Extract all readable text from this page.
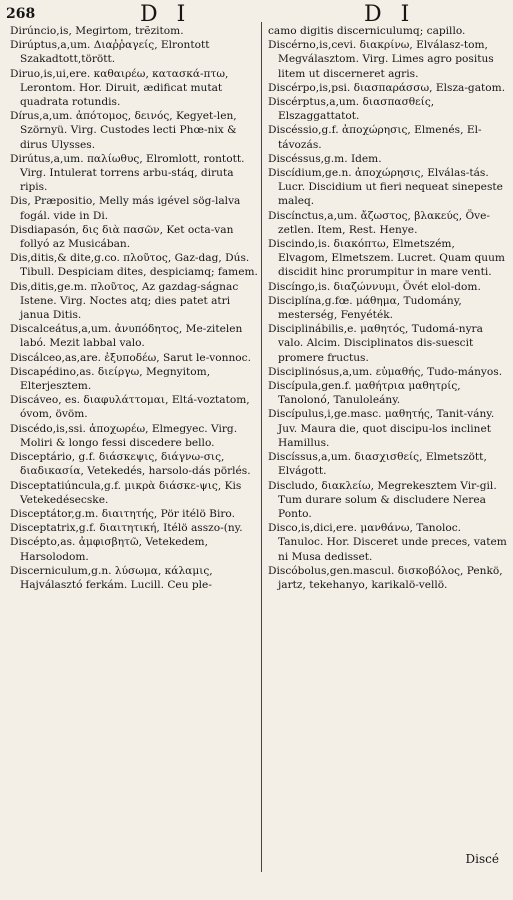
268	D I	D I

Dirúncio,is, Megirtom, trẽzitom.

Dirúptus,a,um. Διαῤῥαγείς, Elrontott Szakadtott,törött.

Diruo,is,ui,ere. καθαιρέω, κατασκά-πτω, Lerontom. Hor. Diruit, ædificat mutat quadrata rotundis.

Dírus,a,um. ἀπότομος, δεινός, Kegyet-len, Szörnyü. Virg. Custodes lecti Phœ-nix & dirus Ulysses.

Dirútus,a,um. παλίωθυς, Elromlott, rontott. Virg. Intulerat torrens arbu-stáq, diruta ripis.

Dis, Præpositio, Melly más igével sög-lalva fogál. vide in Di.

Disdiapasón, δις διὰ πασῶν, Ket octa-van follyó az Musicában.

Dis,ditis,& dite,g.co. πλοῦτος, Gaz-dag, Dús. Tibull. Despiciam dites, despiciamq; famem.

Dis,ditis,ge.m. πλοῦτος, Az gazdag-ságnac Istene. Virg. Noctes atq; dies patet atri janua Ditis.

Discalceátus,a,um. ἀνυπόδητος, Me-zitelen labó. Mezit labbal valo.

Discálceo,as,are. ἐξυποδέω, Sarut le-vonnoc.

Discapédino,as. διείργω, Megnyitom, Elterjesztem.

Discáveo, es. διαφυλάττομαι, Eltá-voztatom, óvom, övöm.

Discédo,is,ssi. ἀποχωρέω, Elmegyec. Virg. Moliri & longo fessi discedere bello.

Disceptário, g.f. διάσκεψις, διάγνω-σις, διαδικασία, Vetekedés, harsolo-dás pörlés.

Disceptatiúncula,g.f. μικρὰ διάσκε-ψις, Kis Vetekedésecske.

Disceptátor,g.m. διαιτητής, Pör itélö Biro.

Disceptatrix,g.f. διαιτητική, Itélö asszo-(ny.

Discépto,as. ἀμφισβητῶ, Vetekedem, Harsolodom.

Discerniculum,g.n. λύσωμα, κάλαμις, Hajválasztó ferkám. Lucill. Ceu ple-

camo digitis discerniculumq; capillo.

Discérno,is,cevi. διακρίνω, Elválasz-tom, Megválasztom. Virg. Limes agro positus litem ut discerneret agris.

Discérpo,is,psi. διασπαράσσω, Elsza-gatom.

Discérptus,a,um. διασπασθείς, Elszaggattatot.

Discéssio,g.f. ἀποχώρησις, Elmenés, El-távozás.

Discéssus,g.m. Idem.

Discídium,ge.n. ἀποχώρησις, Elválas-tás. Lucr. Discidium ut fieri nequeat sinepeste maleq.

Discínctus,a,um. ἄζωστος, βλακεύς, Öve-zetlen. Item, Rest. Henye.

Discindo,is. διακόπτω, Elmetszém, Elvagom, Elmetszem. Lucret. Quam quum discidit hinc prorumpitur in mare venti.

Discíngo,is. διαζώννυμι, Övét elol-dom.

Disciplína,g.fœ. μάθημα, Tudomány, mesterség, Fenyéték.

Disciplinábilis,e. μαθητός, Tudomá-nyra valo. Alcim. Disciplinatos dis-suescit promere fructus.

Disciplinósus,a,um. εὐμαθής, Tudo-mányos.

Discípula,gen.f. μαθήτρια μαθητρίς, Tanolonó, Tanuloleány.

Discípulus,i,ge.masc. μαθητής, Tanit-vány. Juv. Maura die, quot discipu-los inclinet Hamillus.

Discíssus,a,um. διασχισθείς, Elmetszött, Elvágott.

Discludo, διακλείω, Megrekesztem Vir-gil. Tum durare solum & discludere Nerea Ponto.

Disco,is,dici,ere. μανθάνω, Tanoloc. Tanuloc. Hor. Disceret unde preces, vatem ni Musa dedisset.

Discóbolus,gen.mascul. δισκοβόλος, Penkö, jartz, tekehanyo, karikalö-vellö.

Discé
